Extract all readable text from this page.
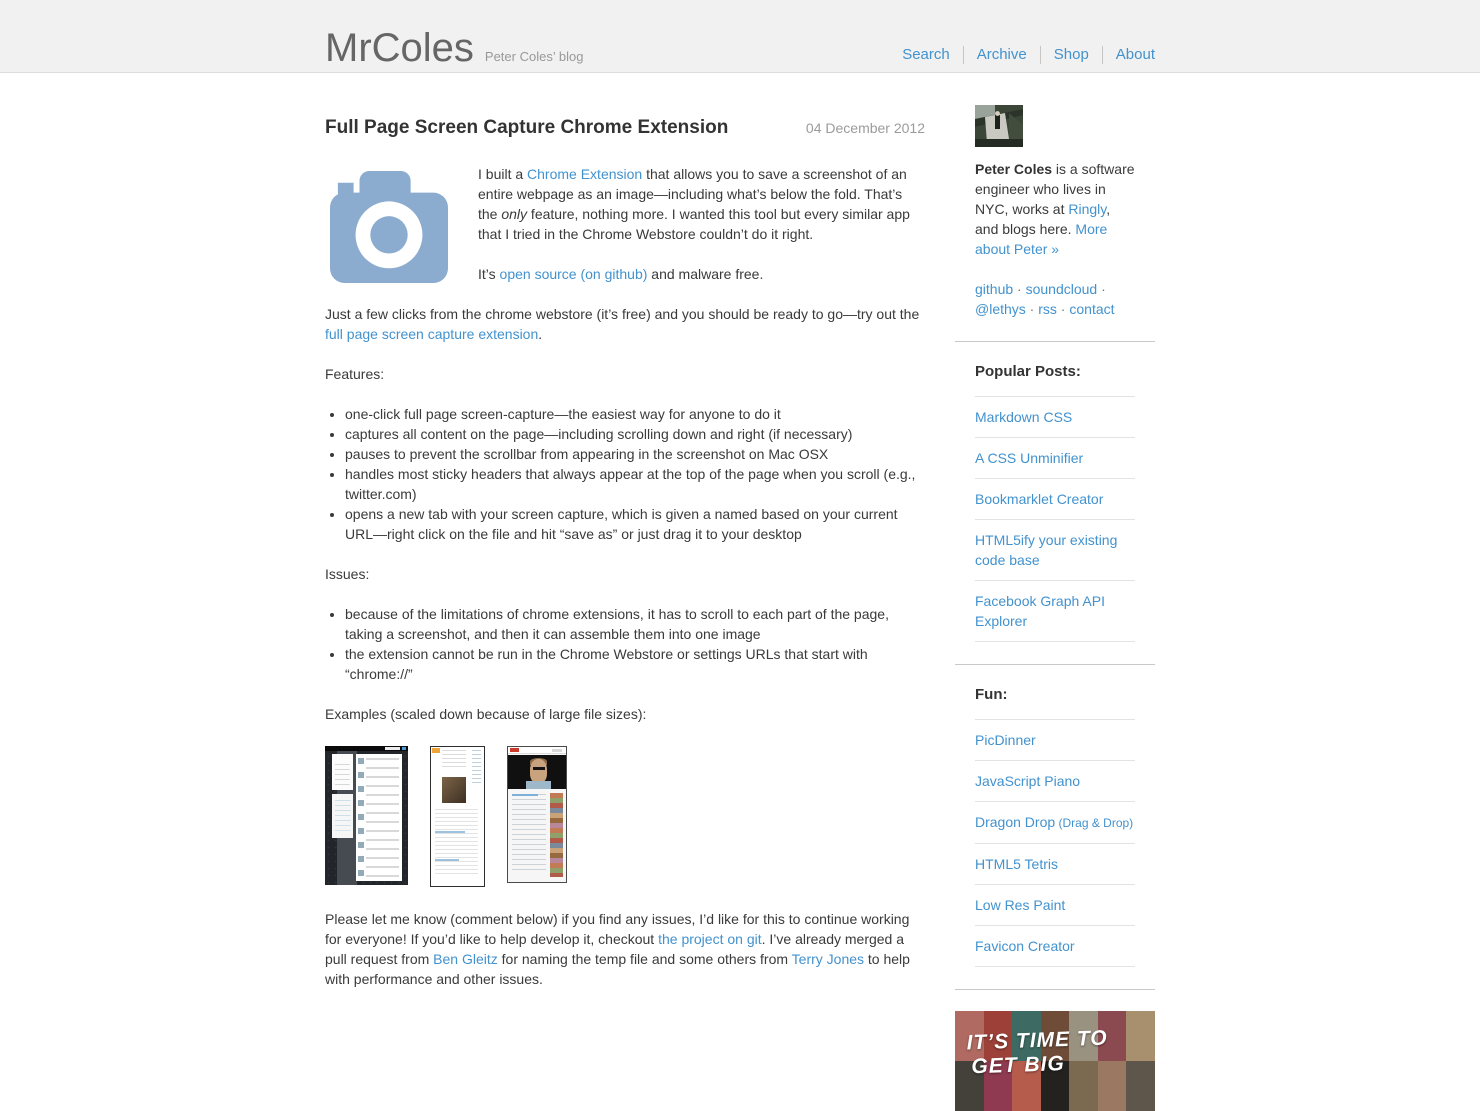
MrColes Peter Coles’ blog	Search	Archive	Shop	About
Full Page Screen Capture Chrome Extension	04 December 2012

I built a Chrome Extension that allows you to save a screenshot of an entire webpage as an image—including what’s below the fold. That’s the only feature, nothing more. I wanted this tool but every similar app that I tried in the Chrome Webstore couldn’t do it right.

It’s open source (on github) and malware free.

Just a few clicks from the chrome webstore (it’s free) and you should be ready to go—try out the full page screen capture extension.

Features:

• one-click full page screen-capture—the easiest way for anyone to do it
• captures all content on the page—including scrolling down and right (if necessary)
• pauses to prevent the scrollbar from appearing in the screenshot on Mac OSX
• handles most sticky headers that always appear at the top of the page when you scroll (e.g., twitter.com)
• opens a new tab with your screen capture, which is given a named based on your current URL—right click on the file and hit “save as” or just drag it to your desktop

Issues:

• because of the limitations of chrome extensions, it has to scroll to each part of the page, taking a screenshot, and then it can assemble them into one image
• the extension cannot be run in the Chrome Webstore or settings URLs that start with “chrome://”

Examples (scaled down because of large file sizes):

Please let me know (comment below) if you find any issues, I’d like for this to continue working for everyone! If you’d like to help develop it, checkout the project on git. I’ve already merged a pull request from Ben Gleitz for naming the temp file and some others from Terry Jones to help with performance and other issues.

Peter Coles is a software engineer who lives in NYC, works at Ringly, and blogs here. More about Peter »

github · soundcloud · @lethys · rss · contact

Popular Posts:
Markdown CSS
A CSS Unminifier
Bookmarklet Creator
HTML5ify your existing code base
Facebook Graph API Explorer
Fun:
PicDinner
JavaScript Piano
Dragon Drop (Drag & Drop)
HTML5 Tetris
Low Res Paint
Favicon Creator
IT’S TIME TO
GET BIG
